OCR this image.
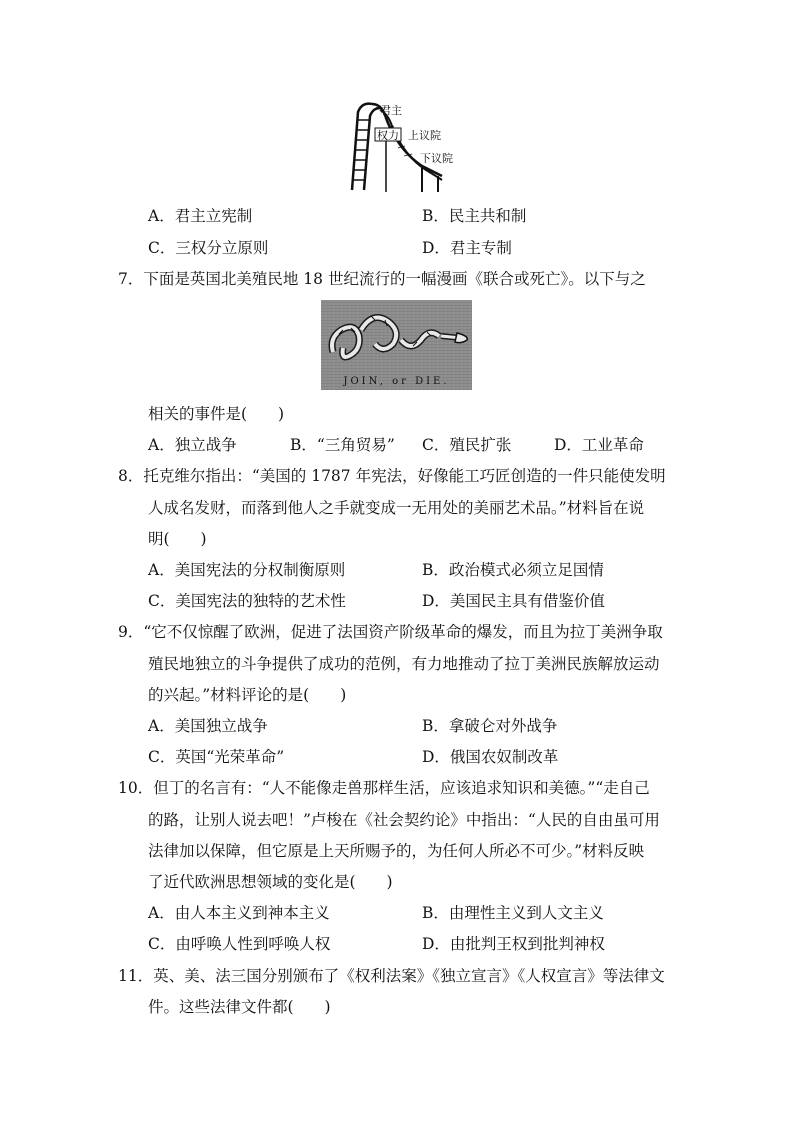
君主
权力 上议院
下议院
A．君主立宪制	B．民主共和制
C．三权分立原则	D．君主专制
7．下面是英国北美殖民地 18 世纪流行的一幅漫画《联合或死亡》。以下与之
JOIN, or DIE.
相关的事件是(　　)
A．独立战争	B．“三角贸易” C．殖民扩张	D．工业革命
8．托克维尔指出：“美国的 1787 年宪法，好像能工巧匠创造的一件只能使发明
人成名发财，而落到他人之手就变成一无用处的美丽艺术品。”材料旨在说
明(　　)
A．美国宪法的分权制衡原则	B．政治模式必须立足国情
C．美国宪法的独特的艺术性	D．美国民主具有借鉴价值
9．“它不仅惊醒了欧洲，促进了法国资产阶级革命的爆发，而且为拉丁美洲争取
殖民地独立的斗争提供了成功的范例，有力地推动了拉丁美洲民族解放运动
的兴起。”材料评论的是(　　)
A．美国独立战争	B．拿破仑对外战争
C．英国“光荣革命”	D．俄国农奴制改革
10．但丁的名言有：“人不能像走兽那样生活，应该追求知识和美德。”“走自己
的路，让别人说去吧！”卢梭在《社会契约论》中指出：“人民的自由虽可用
法律加以保障，但它原是上天所赐予的，为任何人所必不可少。”材料反映
了近代欧洲思想领域的变化是(　　)
A．由人本主义到神本主义	B．由理性主义到人文主义
C．由呼唤人性到呼唤人权	D．由批判王权到批判神权
11．英、美、法三国分别颁布了《权利法案》《独立宣言》《人权宣言》等法律文
件。这些法律文件都(　　)
